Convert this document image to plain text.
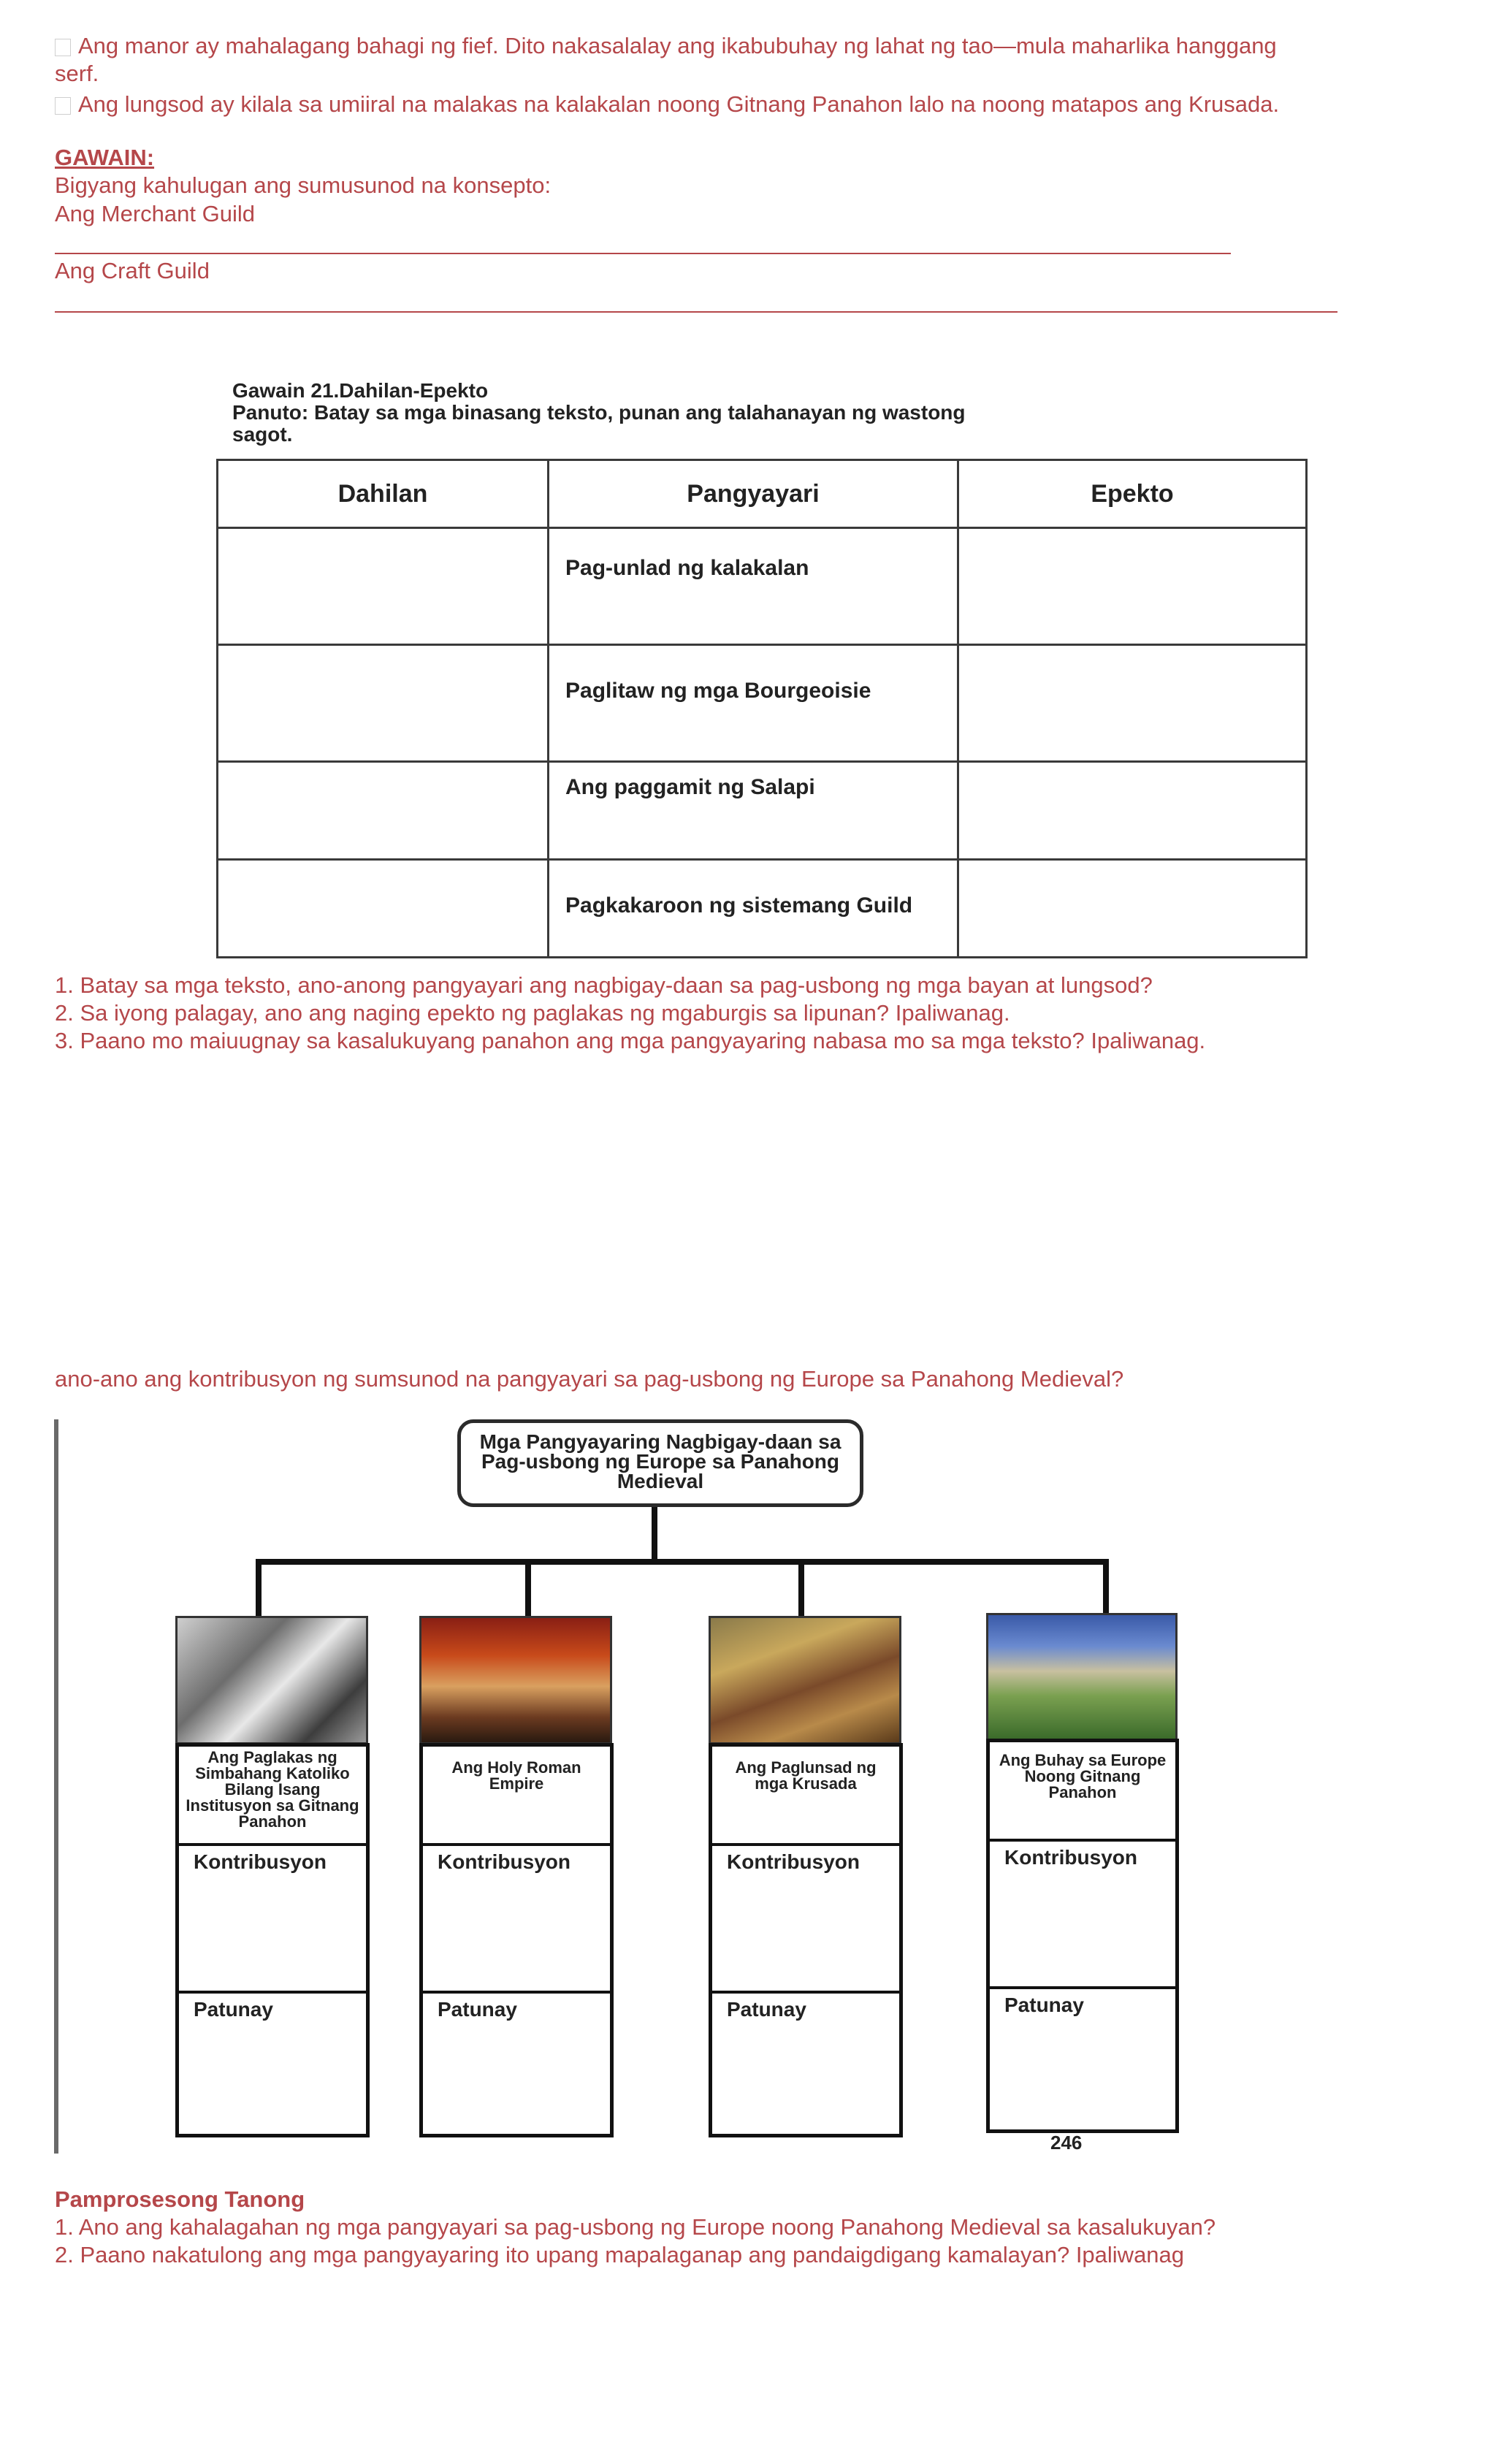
Ang manor ay mahalagang bahagi ng fief. Dito nakasalalay ang ikabubuhay ng lahat ng tao—mula maharlika hanggang
serf.
Ang lungsod ay kilala sa umiiral na malakas na kalakalan noong Gitnang Panahon lalo na noong matapos ang Krusada.
GAWAIN:
Bigyang kahulugan ang sumusunod na konsepto:
Ang Merchant Guild
Ang Craft Guild
Gawain 21.Dahilan-Epekto
Panuto: Batay sa mga binasang teksto, punan ang talahanayan ng wastong
sagot.
Dahilan	Pangyayari	Epekto
	Pag-unlad ng kalakalan	
	Paglitaw ng mga Bourgeoisie	
	Ang paggamit ng Salapi	
	Pagkakaroon ng sistemang Guild	
1. Batay sa mga teksto, ano-anong pangyayari ang nagbigay-daan sa pag-usbong ng mga bayan at lungsod?
2. Sa iyong palagay, ano ang naging epekto ng paglakas ng mgaburgis sa lipunan? Ipaliwanag.
3. Paano mo maiuugnay sa kasalukuyang panahon ang mga pangyayaring nabasa mo sa mga teksto? Ipaliwanag.
ano-ano ang kontribusyon ng sumsunod na pangyayari sa pag-usbong ng Europe sa Panahong Medieval?
Mga Pangyayaring Nagbigay-daan sa Pag-usbong ng Europe sa Panahong Medieval
Ang Paglakas ng Simbahang Katoliko Bilang Isang Institusyon sa Gitnang Panahon
Kontribusyon
Patunay
Ang Holy Roman Empire
Kontribusyon
Patunay
Ang Paglunsad ng mga Krusada
Kontribusyon
Patunay
Ang Buhay sa Europe Noong Gitnang Panahon
Kontribusyon
Patunay
246
Pamprosesong Tanong
1. Ano ang kahalagahan ng mga pangyayari sa pag-usbong ng Europe noong Panahong Medieval sa kasalukuyan?
2. Paano nakatulong ang mga pangyayaring ito upang mapalaganap ang pandaigdigang kamalayan? Ipaliwanag
